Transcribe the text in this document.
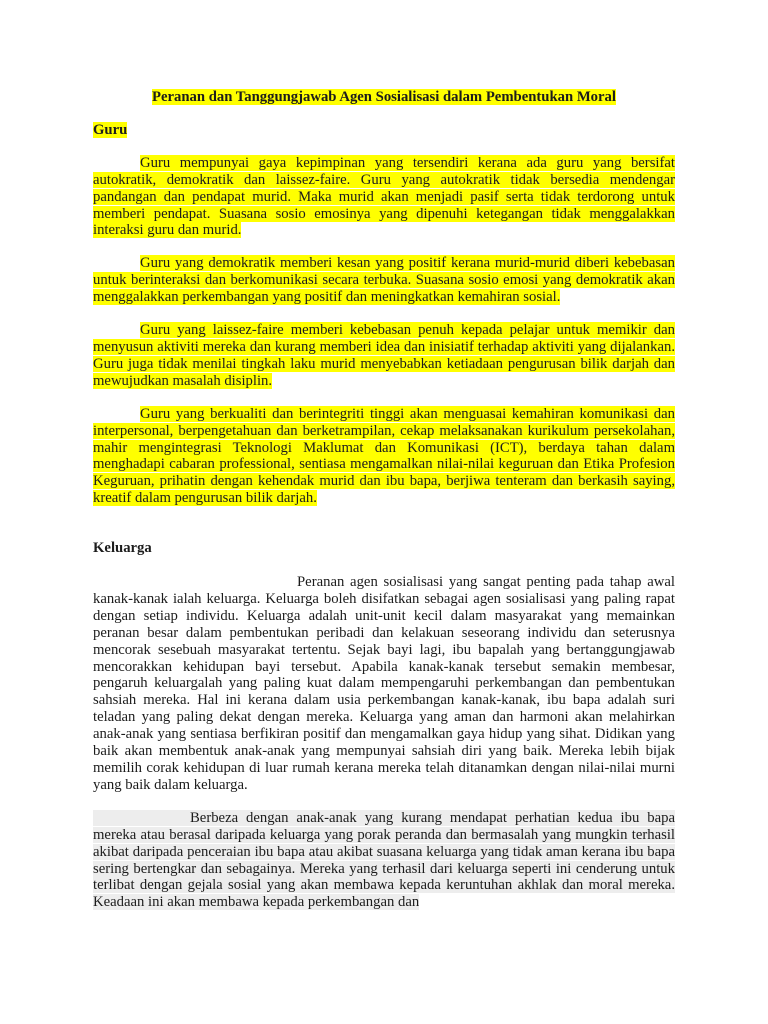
Peranan dan Tanggungjawab Agen Sosialisasi dalam Pembentukan Moral
Guru

Guru mempunyai gaya kepimpinan yang tersendiri kerana ada guru yang bersifat autokratik, demokratik dan laissez-faire. Guru yang autokratik tidak bersedia mendengar pandangan dan pendapat murid. Maka murid akan menjadi pasif serta tidak terdorong untuk memberi pendapat. Suasana sosio emosinya yang dipenuhi ketegangan tidak menggalakkan interaksi guru dan murid.

Guru yang demokratik memberi kesan yang positif kerana murid-murid diberi kebebasan untuk berinteraksi dan berkomunikasi secara terbuka. Suasana sosio emosi yang demokratik akan menggalakkan perkembangan yang positif dan meningkatkan kemahiran sosial.

Guru yang laissez-faire memberi kebebasan penuh kepada pelajar untuk memikir dan menyusun aktiviti mereka dan kurang memberi idea dan inisiatif terhadap aktiviti yang dijalankan. Guru juga tidak menilai tingkah laku murid menyebabkan ketiadaan pengurusan bilik darjah dan mewujudkan masalah disiplin.

Guru yang berkualiti dan berintegriti tinggi akan menguasai kemahiran komunikasi dan interpersonal, berpengetahuan dan berketrampilan, cekap melaksanakan kurikulum persekolahan, mahir mengintegrasi Teknologi Maklumat dan Komunikasi (ICT), berdaya tahan dalam menghadapi cabaran professional, sentiasa mengamalkan nilai-nilai keguruan dan Etika Profesion Keguruan, prihatin dengan kehendak murid dan ibu bapa, berjiwa tenteram dan berkasih saying, kreatif dalam pengurusan bilik darjah.

Keluarga

Peranan agen sosialisasi yang sangat penting pada tahap awal kanak-kanak ialah keluarga. Keluarga boleh disifatkan sebagai agen sosialisasi yang paling rapat dengan setiap individu. Keluarga adalah unit-unit kecil dalam masyarakat yang memainkan peranan besar dalam pembentukan peribadi dan kelakuan seseorang individu dan seterusnya mencorak sesebuah masyarakat tertentu. Sejak bayi lagi, ibu bapalah yang bertanggungjawab mencorakkan kehidupan bayi tersebut. Apabila kanak-kanak tersebut semakin membesar, pengaruh keluargalah yang paling kuat dalam mempengaruhi perkembangan dan pembentukan sahsiah mereka. Hal ini kerana dalam usia perkembangan kanak-kanak, ibu bapa adalah suri teladan yang paling dekat dengan mereka. Keluarga yang aman dan harmoni akan melahirkan anak-anak yang sentiasa berfikiran positif dan mengamalkan gaya hidup yang sihat. Didikan yang baik akan membentuk anak-anak yang mempunyai sahsiah diri yang baik. Mereka lebih bijak memilih corak kehidupan di luar rumah kerana mereka telah ditanamkan dengan nilai-nilai murni yang baik dalam keluarga.

Berbeza dengan anak-anak yang kurang mendapat perhatian kedua ibu bapa mereka atau berasal daripada keluarga yang porak peranda dan bermasalah yang mungkin terhasil akibat daripada penceraian ibu bapa atau akibat suasana keluarga yang tidak aman kerana ibu bapa sering bertengkar dan sebagainya. Mereka yang terhasil dari keluarga seperti ini cenderung untuk terlibat dengan gejala sosial yang akan membawa kepada keruntuhan akhlak dan moral mereka. Keadaan ini akan membawa kepada perkembangan dan
